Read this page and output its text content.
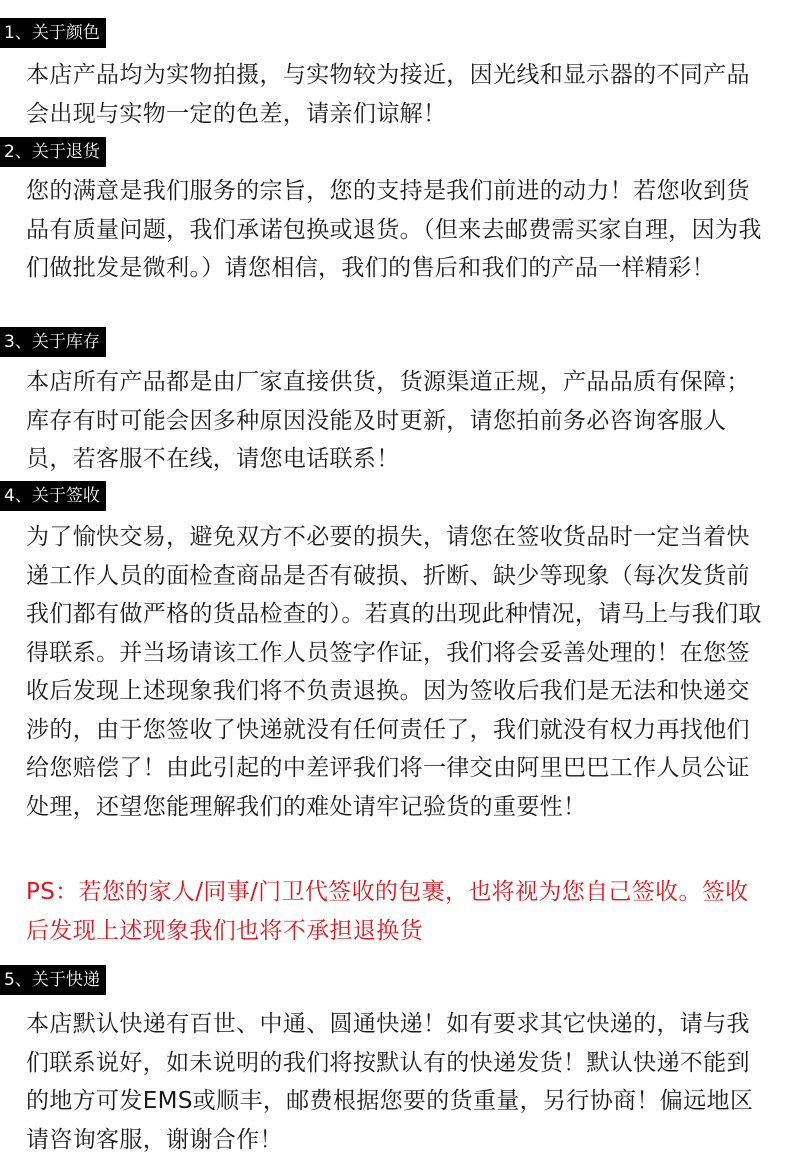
1、关于颜色

本店产品均为实物拍摄，与实物较为接近，因光线和显示器的不同产品会出现与实物一定的色差，请亲们谅解！

2、关于退货

您的满意是我们服务的宗旨，您的支持是我们前进的动力！若您收到货品有质量问题，我们承诺包换或退货。（但来去邮费需买家自理，因为我们做批发是微利。）请您相信，我们的售后和我们的产品一样精彩！

3、关于库存

本店所有产品都是由厂家直接供货，货源渠道正规，产品品质有保障；库存有时可能会因多种原因没能及时更新，请您拍前务必咨询客服人员，若客服不在线，请您电话联系！

4、关于签收

为了愉快交易，避免双方不必要的损失，请您在签收货品时一定当着快递工作人员的面检查商品是否有破损、折断、缺少等现象（每次发货前我们都有做严格的货品检查的）。若真的出现此种情况，请马上与我们取得联系。并当场请该工作人员签字作证，我们将会妥善处理的！在您签收后发现上述现象我们将不负责退换。因为签收后我们是无法和快递交涉的，由于您签收了快递就没有任何责任了，我们就没有权力再找他们给您赔偿了！由此引起的中差评我们将一律交由阿里巴巴工作人员公证处理，还望您能理解我们的难处请牢记验货的重要性！

PS：若您的家人/同事/门卫代签收的包裹，也将视为您自己签收。签收后发现上述现象我们也将不承担退换货

5、关于快递

本店默认快递有百世、中通、圆通快递！如有要求其它快递的，请与我们联系说好，如未说明的我们将按默认有的快递发货！默认快递不能到的地方可发EMS或顺丰，邮费根据您要的货重量，另行协商！偏远地区请咨询客服，谢谢合作！
